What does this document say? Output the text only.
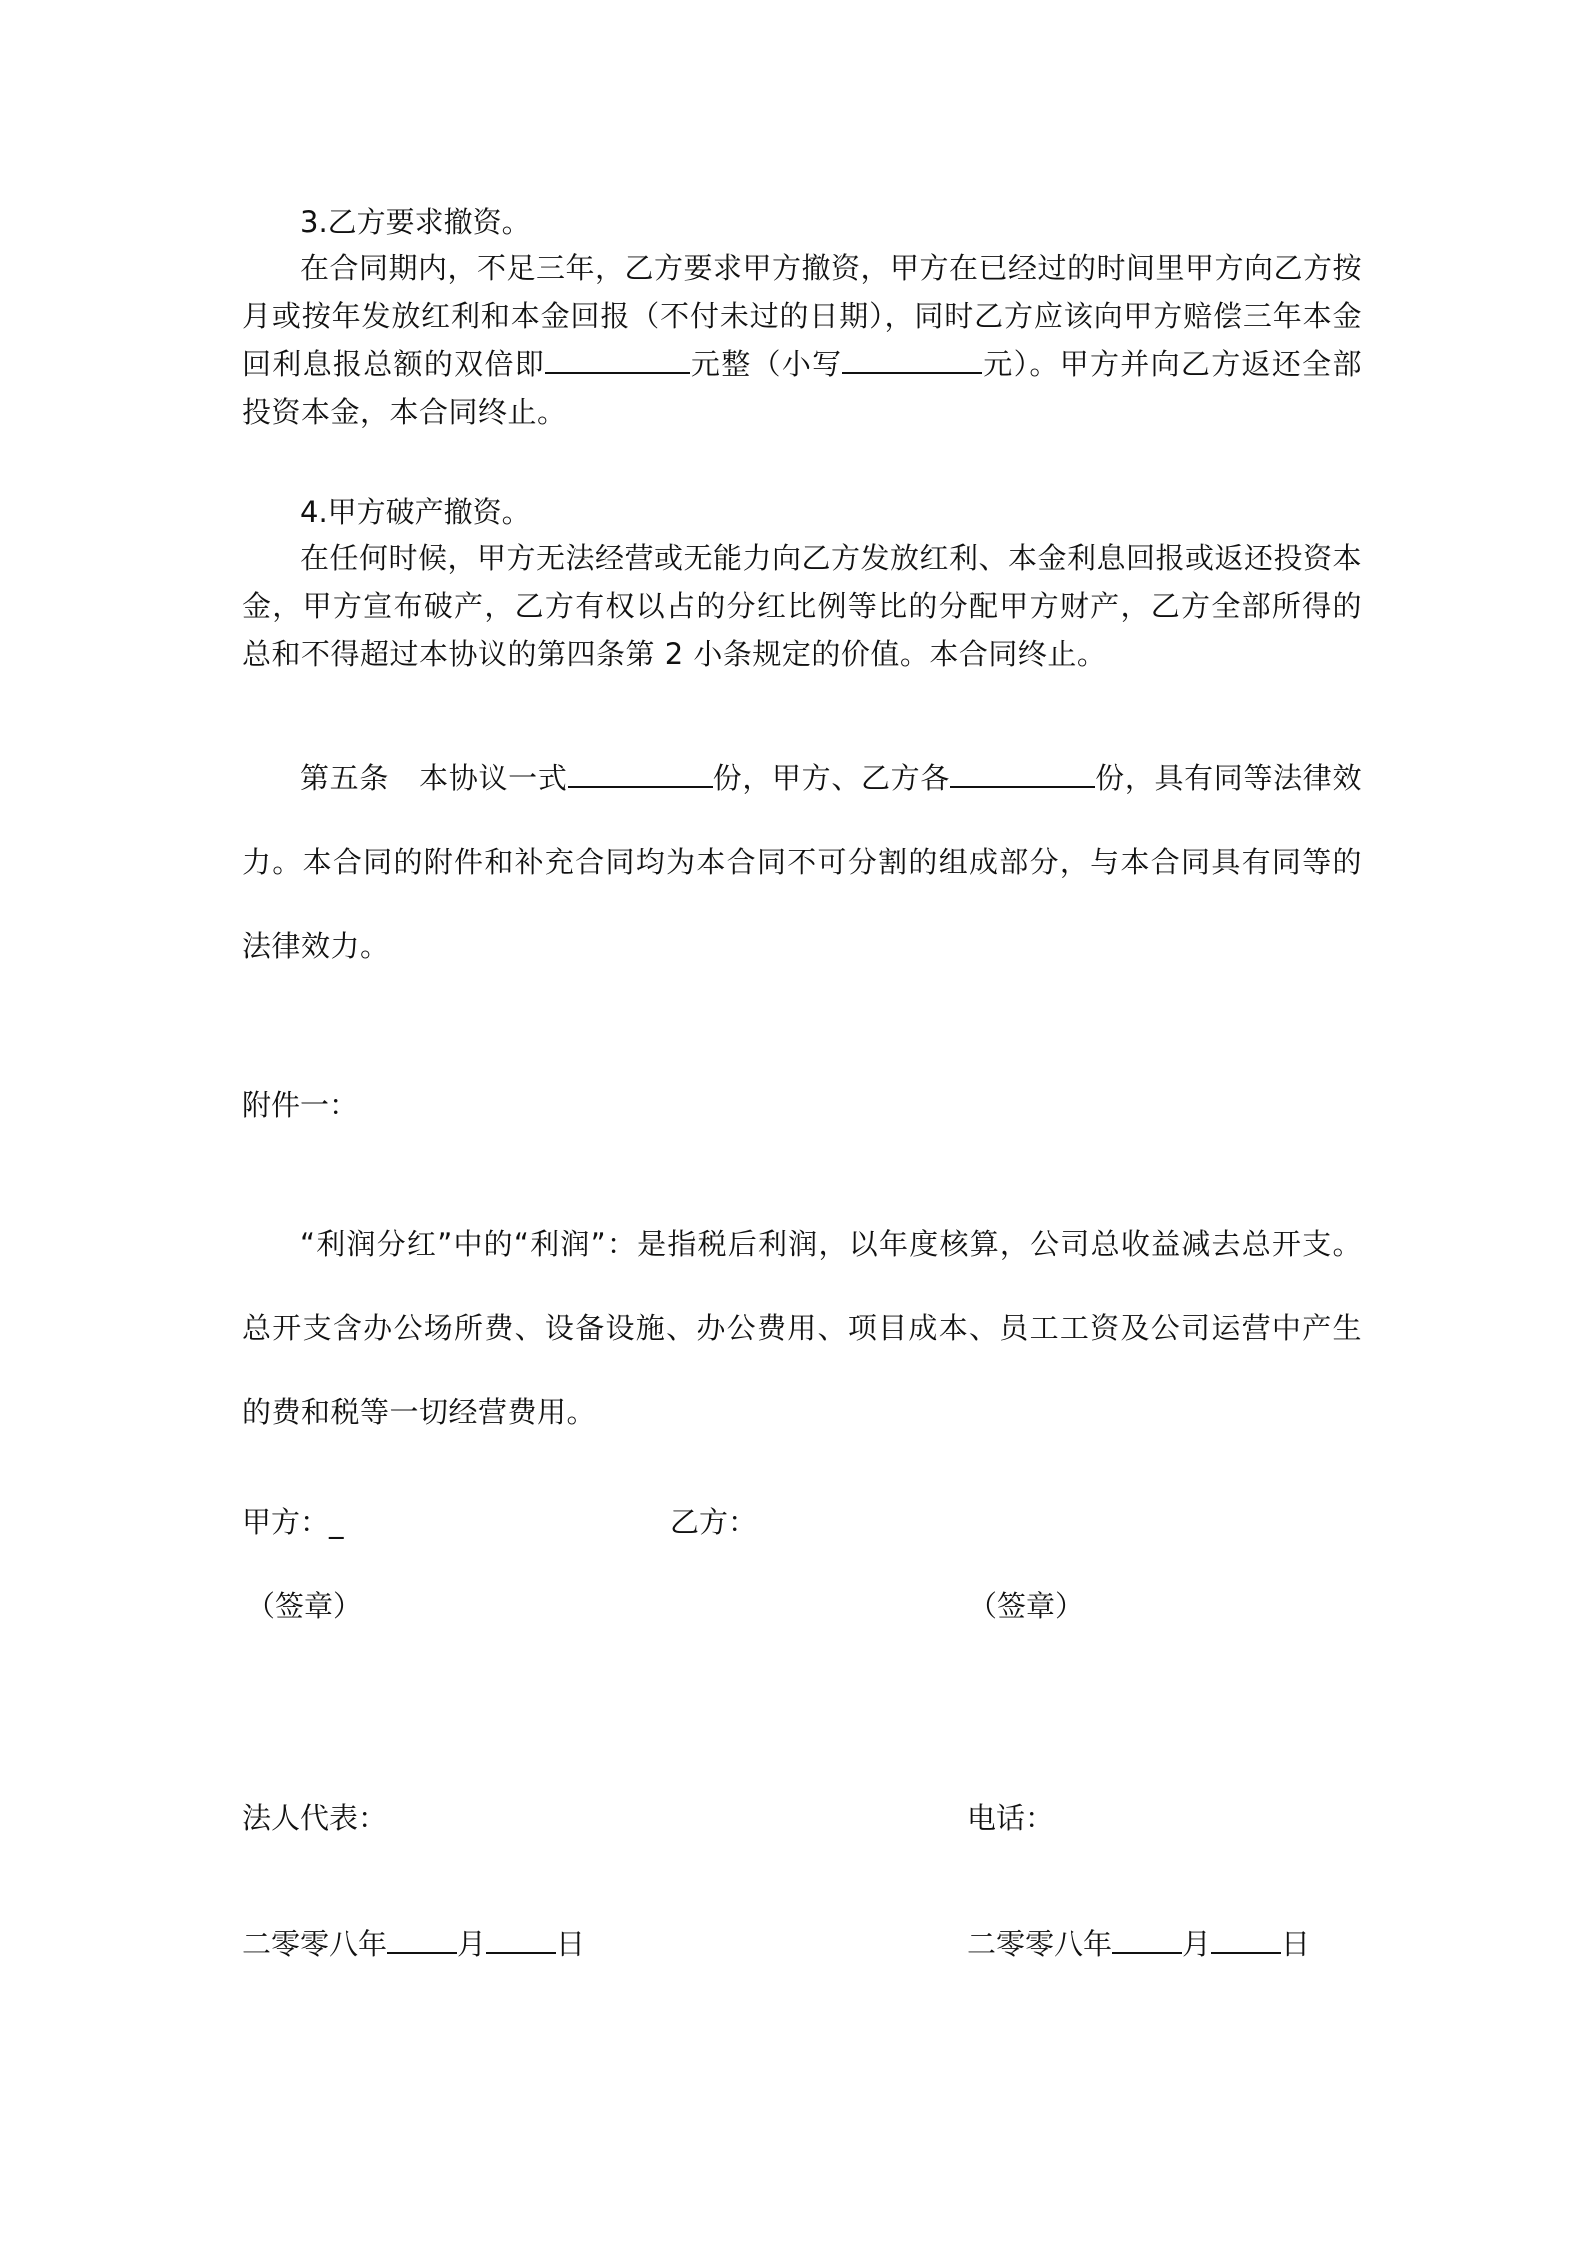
3.乙方要求撤资。
在合同期内，不足三年，乙方要求甲方撤资，甲方在已经过的时间里甲方向乙方按月或按年发放红利和本金回报（不付未过的日期），同时乙方应该向甲方赔偿三年本金回利息报总额的双倍即	元整（小写	元）。甲方并向乙方返还全部投资本金，本合同终止。
4.甲方破产撤资。
在任何时候，甲方无法经营或无能力向乙方发放红利、本金利息回报或返还投资本金，甲方宣布破产，乙方有权以占的分红比例等比的分配甲方财产，乙方全部所得的总和不得超过本协议的第四条第 2 小条规定的价值。本合同终止。
第五条 本协议一式	份，甲方、乙方各	份，具有同等法律效力。本合同的附件和补充合同均为本合同不可分割的组成部分，与本合同具有同等的法律效力。
附件一：
“利润分红”中的“利润”：是指税后利润，以年度核算，公司总收益减去总开支。总开支含办公场所费、设备设施、办公费用、项目成本、员工工资及公司运营中产生的费和税等一切经营费用。
甲方：_	乙方：
（签章）	（签章）
法人代表：	电话：
二零零八年 月 日	二零零八年 月 日
